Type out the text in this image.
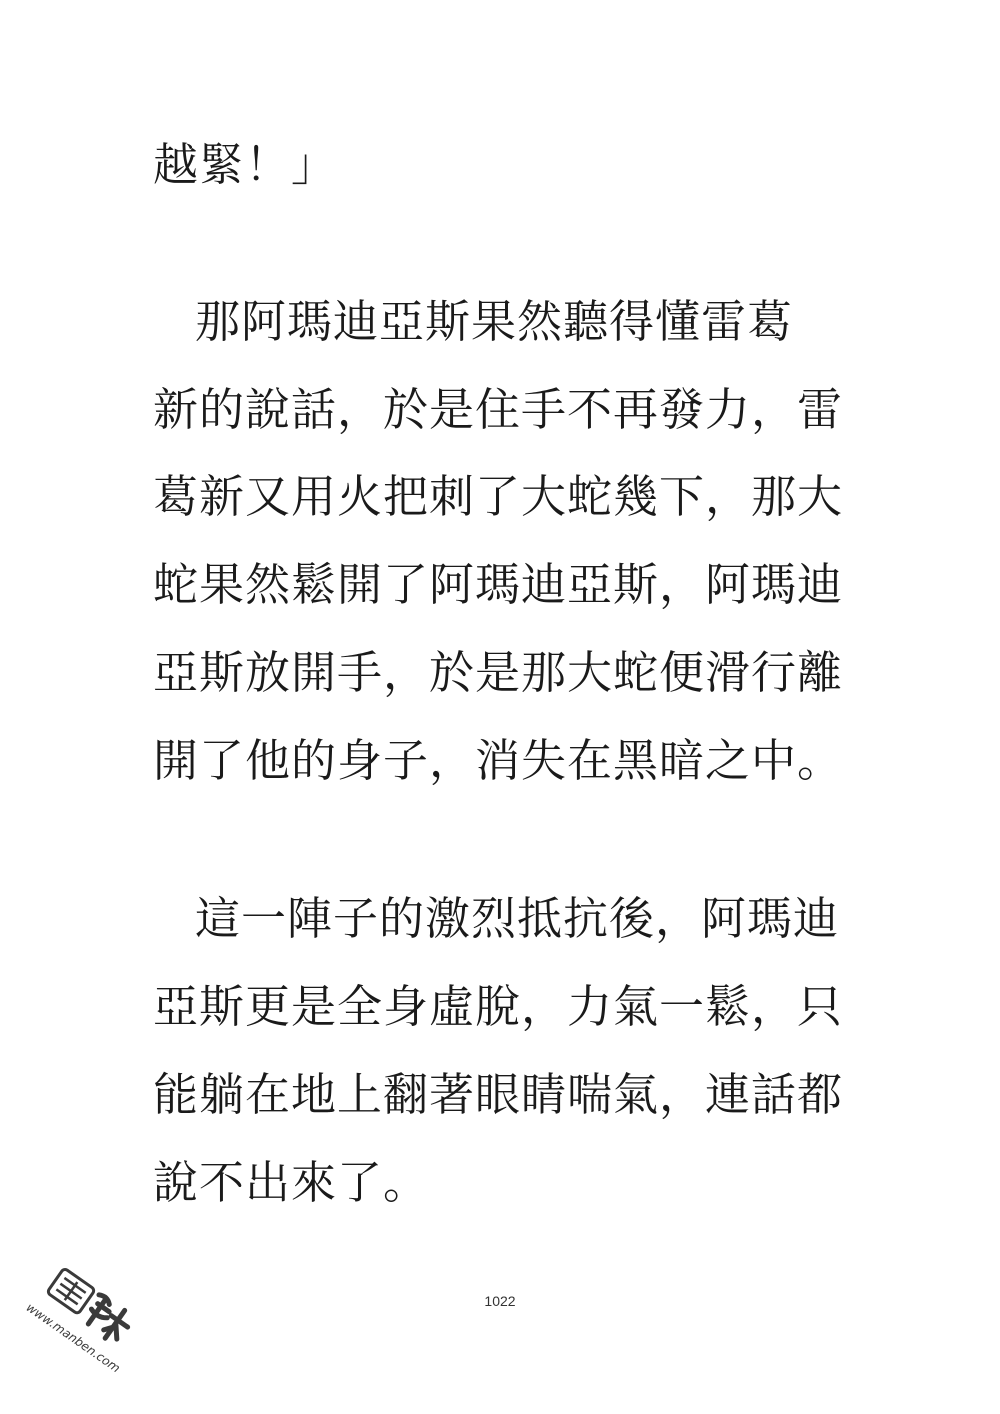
越緊！」
那阿瑪迪亞斯果然聽得懂雷葛
新的說話，於是住手不再發力，雷
葛新又用火把刺了大蛇幾下，那大
蛇果然鬆開了阿瑪迪亞斯，阿瑪迪
亞斯放開手，於是那大蛇便滑行離
開了他的身子，消失在黑暗之中。
這一陣子的激烈抵抗後，阿瑪迪
亞斯更是全身虛脫，力氣一鬆，只
能躺在地上翻著眼睛喘氣，連話都
說不出來了。
1022
www.manben.com
